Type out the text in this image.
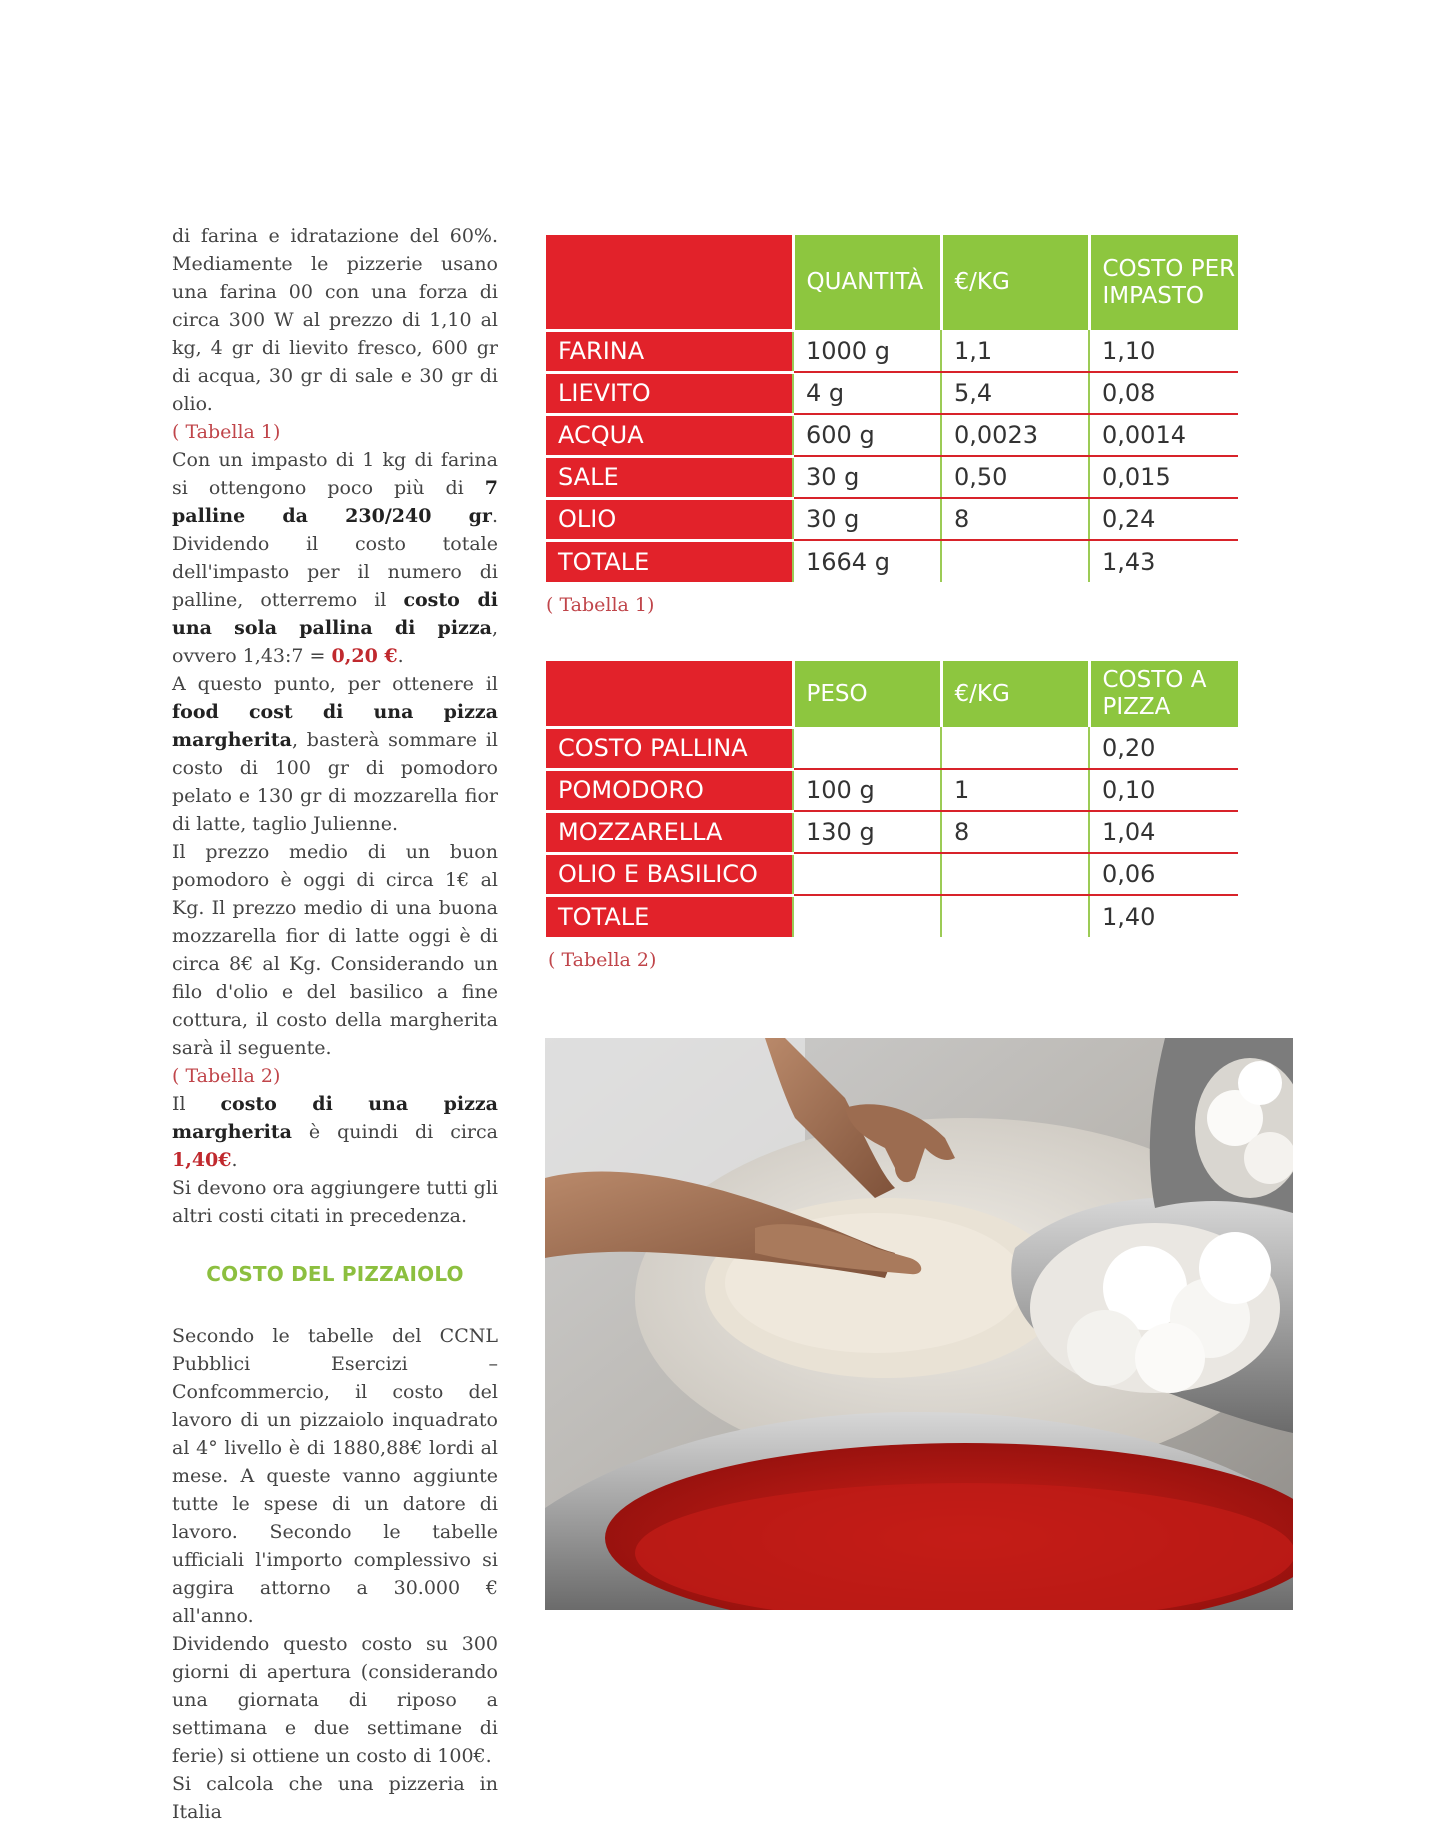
di farina e idratazione del 60%. Mediamente le pizzerie usano una farina 00 con una forza di circa 300 W al prezzo di 1,10 al kg, 4 gr di lievito fresco, 600 gr di acqua, 30 gr di sale e 30 gr di olio.

( Tabella 1)

Con un impasto di 1 kg di farina si ottengono poco più di 7 palline da 230/240 gr. Dividendo il costo totale dell'impasto per il numero di palline, otterremo il costo di una sola pallina di pizza, ovvero 1,43:7 = 0,20 €.

A questo punto, per ottenere il food cost di una pizza margherita, basterà sommare il costo di 100 gr di pomodoro pelato e 130 gr di mozzarella fior di latte, taglio Julienne.

Il prezzo medio di un buon pomodoro è oggi di circa 1€ al Kg. Il prezzo medio di una buona mozzarella fior di latte oggi è di circa 8€ al Kg. Considerando un filo d'olio e del basilico a fine cottura, il costo della margherita sarà il seguente.

( Tabella 2)

Il costo di una pizza margherita è quindi di circa 1,40€.

Si devono ora aggiungere tutti gli altri costi citati in precedenza.

COSTO DEL PIZZAIOLO

Secondo le tabelle del CCNL Pubblici Esercizi – Confcommercio, il costo del lavoro di un pizzaiolo inquadrato al 4° livello è di 1880,88€ lordi al mese. A queste vanno aggiunte tutte le spese di un datore di lavoro. Secondo le tabelle ufficiali l'importo complessivo si aggira attorno a 30.000 € all'anno.

Dividendo questo costo su 300 giorni di apertura (considerando una giornata di riposo a settimana e due settimane di ferie) si ottiene un costo di 100€.

Si calcola che una pizzeria in Italia

	QUANTITÀ	€/KG	COSTO PER IMPASTO
FARINA	1000 g	1,1	1,10
LIEVITO	4 g	5,4	0,08
ACQUA	600 g	0,0023	0,0014
SALE	30 g	0,50	0,015
OLIO	30 g	8	0,24
TOTALE	1664 g		1,43
( Tabella 1)
	PESO	€/KG	COSTO A PIZZA
COSTO PALLINA			0,20
POMODORO	100 g	1	0,10
MOZZARELLA	130 g	8	1,04
OLIO E BASILICO			0,06
TOTALE			1,40
( Tabella 2)
